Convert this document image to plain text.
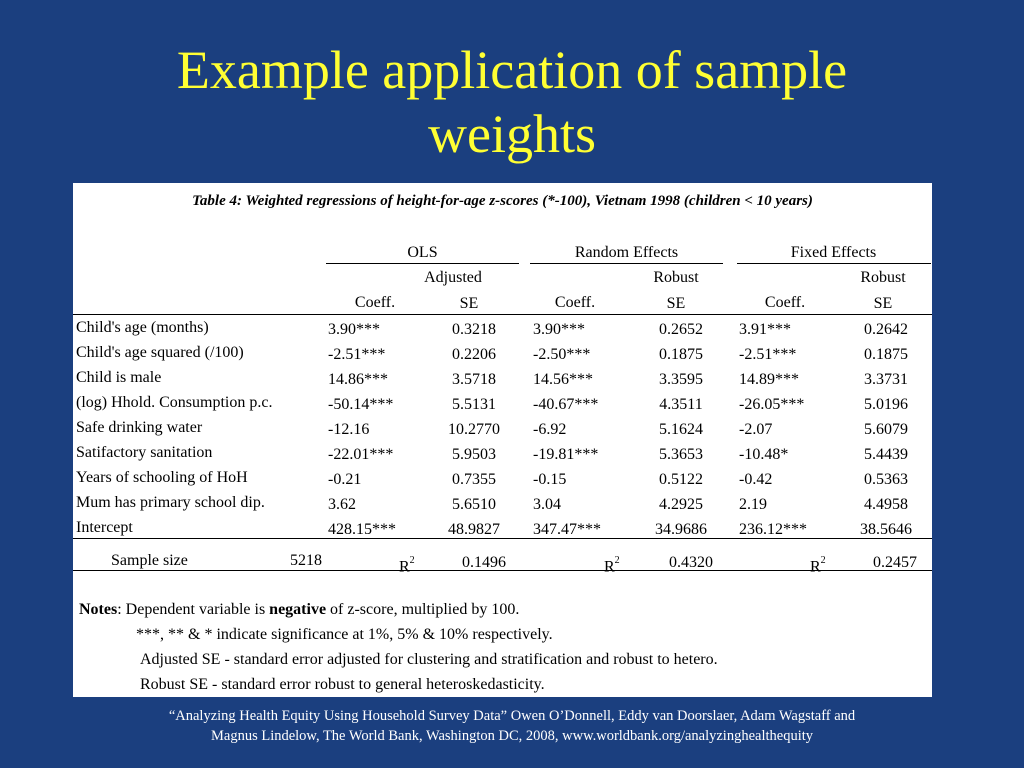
Example application of sample
weights
Table 4: Weighted regressions of height-for-age z-scores (*-100), Vietnam 1998 (children < 10 years)
OLS	Random Effects	Fixed Effects
Adjusted	Robust	Robust
Coeff.	SE	Coeff.	SE	Coeff.	SE
Child's age (months)	3.90***	0.3218	3.90***	0.2652	3.91***	0.2642
Child's age squared (/100)	-2.51***	0.2206	-2.50***	0.1875	-2.51***	0.1875
Child is male	14.86***	3.5718	14.56***	3.3595	14.89***	3.3731
(log) Hhold. Consumption p.c.	-50.14***	5.5131	-40.67***	4.3511	-26.05***	5.0196
Safe drinking water	-12.16	10.2770	-6.92	5.1624	-2.07	5.6079
Satifactory sanitation	-22.01***	5.9503	-19.81***	5.3653	-10.48*	5.4439
Years of schooling of HoH	-0.21	0.7355	-0.15	0.5122	-0.42	0.5363
Mum has primary school dip.	3.62	5.6510	3.04	4.2925	2.19	4.4958
Intercept	428.15***	48.9827	347.47***	34.9686	236.12***	38.5646
Sample size	5218	$R^2$	0.1496	$R^2$	0.4320	$R^2$	0.2457
Notes: Dependent variable is negative of z-score, multiplied by 100.
***, ** & * indicate significance at 1%, 5% & 10% respectively.
Adjusted SE - standard error adjusted for clustering and stratification and robust to hetero.
Robust SE - standard error robust to general heteroskedasticity.
“Analyzing Health Equity Using Household Survey Data” Owen O’Donnell, Eddy van Doorslaer, Adam Wagstaff and
Magnus Lindelow, The World Bank, Washington DC, 2008, www.worldbank.org/analyzinghealthequity
